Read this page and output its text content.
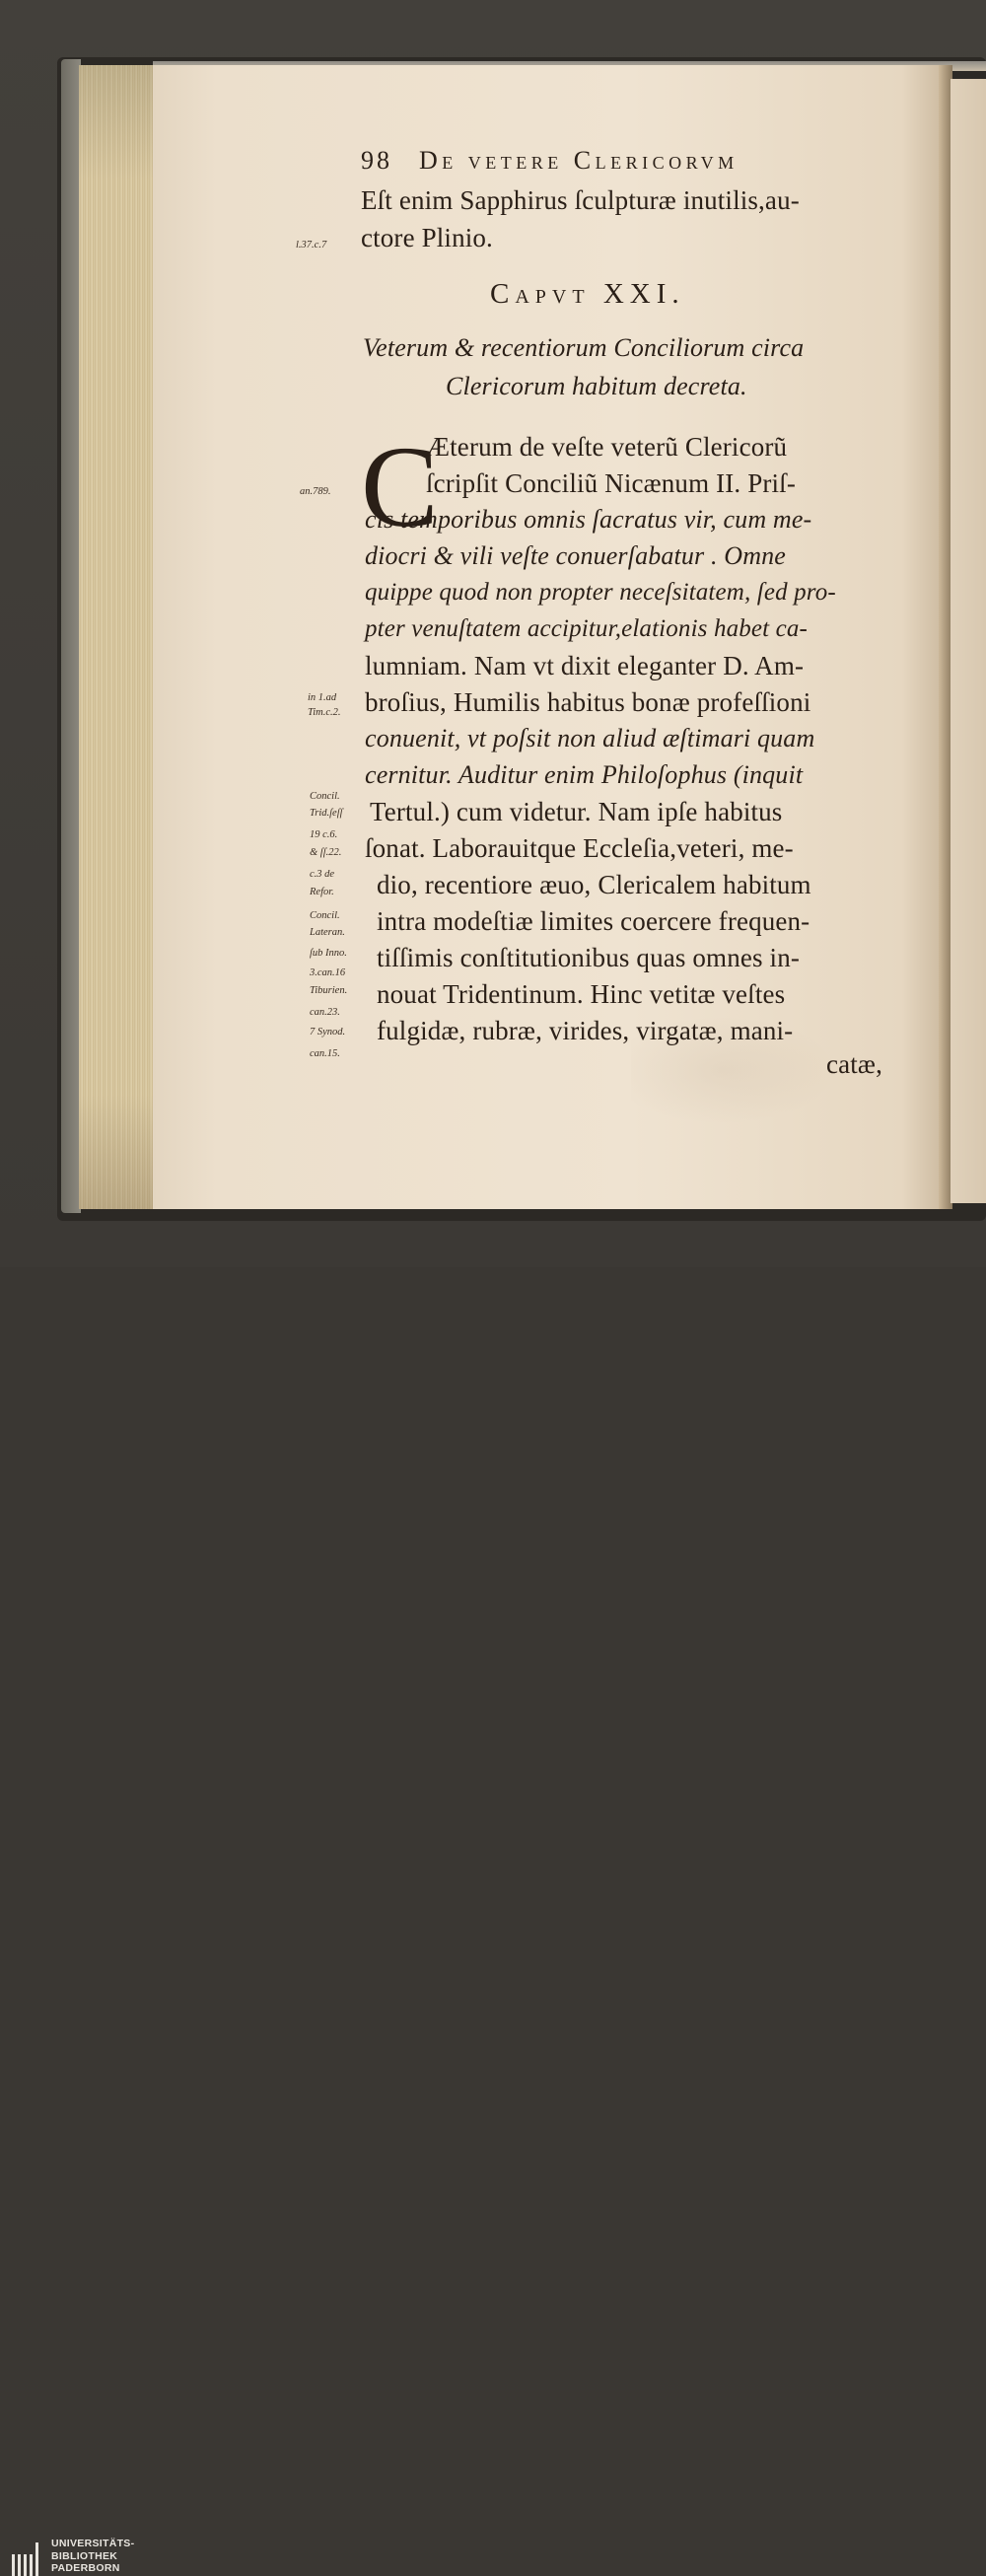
98 De vetere Clericorvm
Eſt enim Sapphirus ſculpturæ inutilis,au-
ctore Plinio.
Capvt XXI.
Veterum & recentiorum Conciliorum circa
Clericorum habitum decreta.
C
Æterum de veſte veterũ Clericorũ
ſcripſit Conciliũ Nicænum II. Priſ-
cis temporibus omnis ſacratus vir, cum me-
diocri & vili veſte conuerſabatur . Omne
quippe quod non propter neceſsitatem, ſed pro-
pter venuſtatem accipitur,elationis habet ca-
lumniam. Nam vt dixit eleganter D. Am-
broſius, Humilis habitus bonæ profeſſioni
conuenit, vt poſsit non aliud æſtimari quam
cernitur. Auditur enim Philoſophus (inquit
Tertul.) cum videtur. Nam ipſe habitus
ſonat. Laborauitque Eccleſia,veteri, me-
dio, recentiore æuo, Clericalem habitum
intra modeſtiæ limites coercere frequen-
tiſſimis conſtitutionibus quas omnes in-
nouat Tridentinum. Hinc vetitæ veſtes
fulgidæ, rubræ, virides, virgatæ, mani-
catæ,
l.37.c.7
an.789.
in 1.ad
Tim.c.2.
Concil.
Trid.ſeſſ
19 c.6.
& ſſ.22.
c.3 de
Refor.
Concil.
Lateran.
ſub Inno.
3.can.16
Tiburien.
can.23.
7 Synod.
can.15.
UNIVERSITÄTS-
BIBLIOTHEK
PADERBORN
